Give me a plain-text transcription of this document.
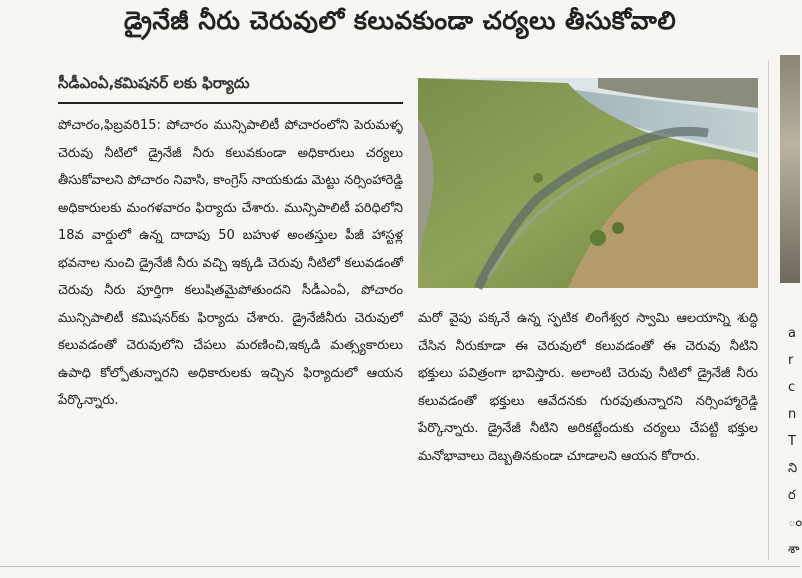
డ్రైనేజీ నీరు చెరువులో కలువకుండా చర్యలు తీసుకోవాలి
సీడీఎంఏ,కమిషనర్ లకు ఫిర్యాదు

పోచారం,ఫిబ్రవరి15: పోచారం మున్సిపాలిటీ పోచారంలోని పెరుమళ్ళ చెరువు నీటిలో డ్రైనేజీ నీరు కలువకుండా అధికారులు చర్యలు తీసుకోవాలని పోచారం నివాసి, కాంగ్రెస్ నాయకుడు మెట్టు నర్సింహారెడ్డి అధికారులకు మంగళవారం ఫిర్యాదు చేశారు. మున్సిపాలిటీ పరిధిలోని 18వ వార్డులో ఉన్న దాదాపు 50 బహుళ అంతస్తుల పీజీ హాస్టళ్ల భవనాల నుంచి డ్రైనేజీ నీరు వచ్చి ఇక్కడి చెరువు నీటిలో కలువడంతో చెరువు నీరు పూర్తిగా కలుషితమైపోతుందని సీడీఎంఏ, పోచారం మున్సిపాలిటీ కమిషనర్‌కు ఫిర్యాదు చేశారు. డ్రైనేజీనీరు చెరువులో కలువడంతో చెరువులోని చేపలు మరణించి,ఇక్కడి మత్స్యకారులు ఉపాధి కోల్పోతున్నారని అధికారులకు ఇచ్చిన ఫిర్యాదులో ఆయన పేర్కొన్నారు.

మరో వైపు పక్కనే ఉన్న స్ఫటిక లింగేశ్వర స్వామి ఆలయాన్ని శుద్ధి చేసిన నీరుకూడా ఈ చెరువులో కలువడంతో ఈ చెరువు నీటిని భక్తులు పవిత్రంగా భావిస్తారు. అలాంటి చెరువు నీటిలో డ్రైనేజీ నీరు కలువడంతో భక్తులు ఆవేదనకు గురవుతున్నారని నర్సింహ్మారెడ్డి పేర్కొన్నారు. డ్రైనేజీ నీటిని అరికట్టేందుకు చర్యలు చేపట్టి భక్తుల మనోభావాలు దెబ్బతినకుండా చూడాలని ఆయన కోరారు.

a
r
c
n
T
ని
ర
ం
శా
